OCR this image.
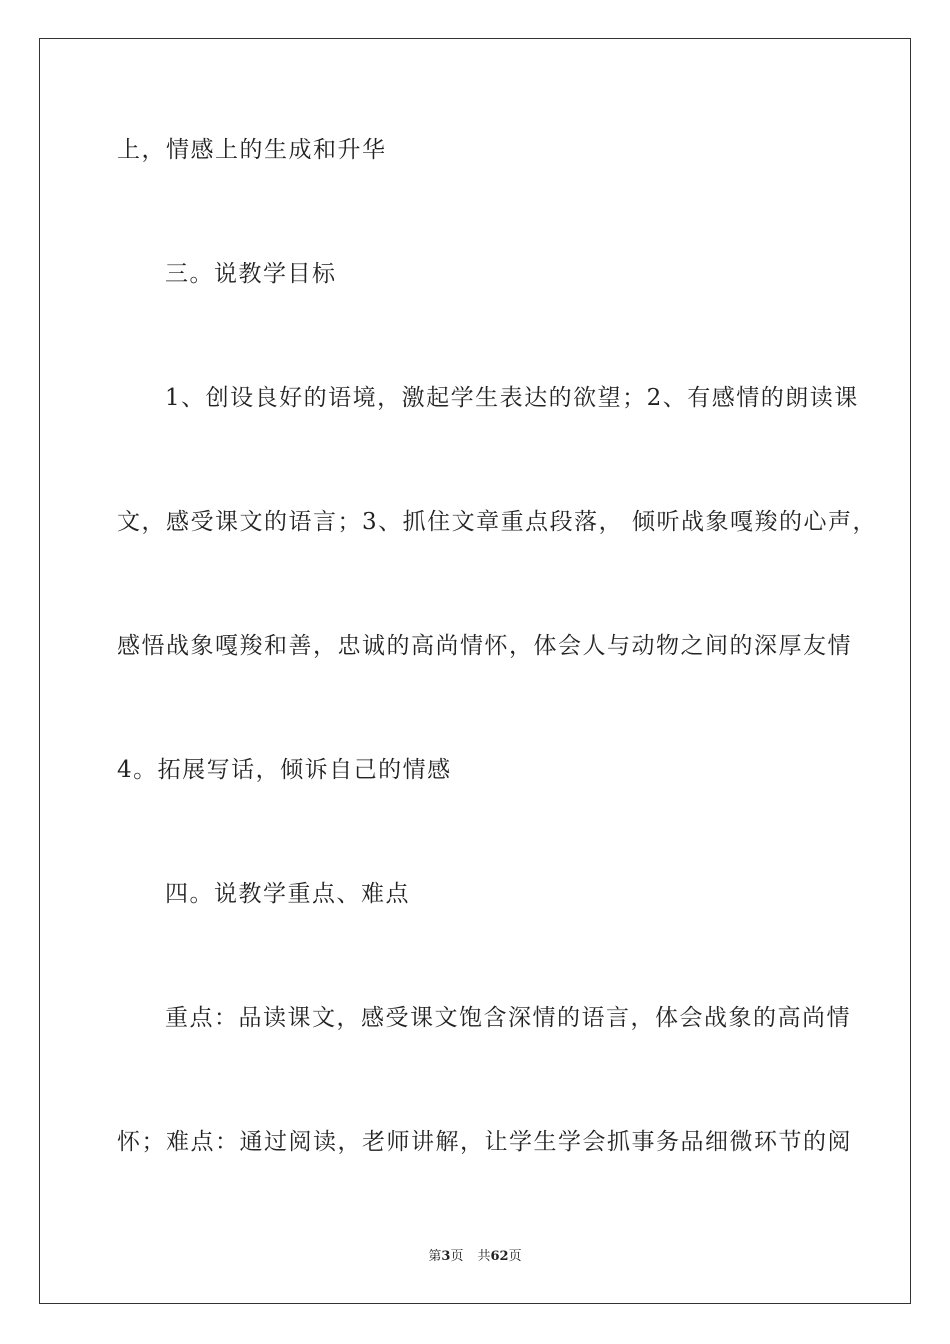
上，情感上的生成和升华
三。说教学目标
1、创设良好的语境，激起学生表达的欲望；2、有感情的朗读课
文，感受课文的语言；3、抓住文章重点段落， 倾听战象嘎羧的心声，
感悟战象嘎羧和善，忠诚的高尚情怀，体会人与动物之间的深厚友情
4。拓展写话，倾诉自己的情感
四。说教学重点、难点
重点：品读课文，感受课文饱含深情的语言，体会战象的高尚情
怀；难点：通过阅读，老师讲解，让学生学会抓事务品细微环节的阅
第3页 共62页
